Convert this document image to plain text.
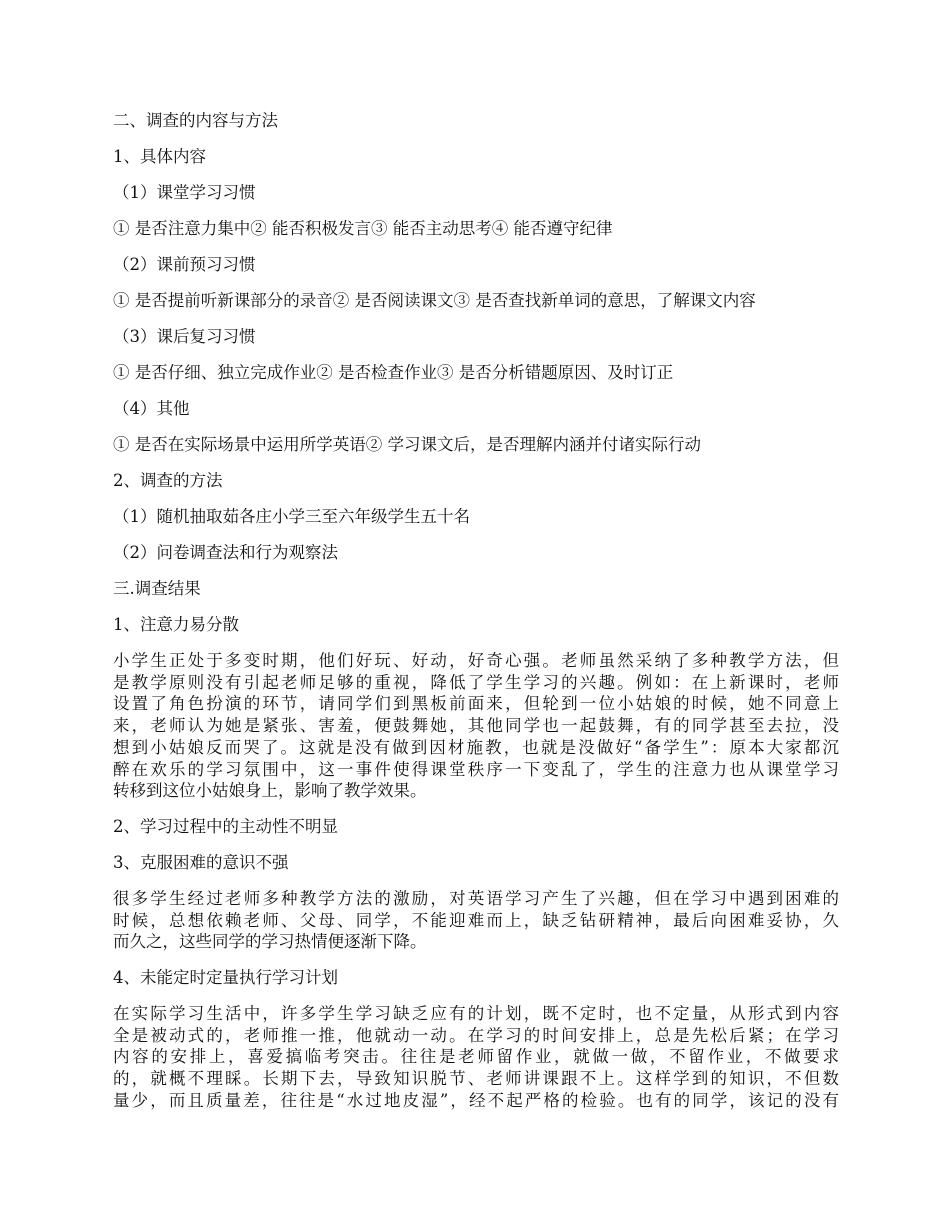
二、调查的内容与方法
1、具体内容
（1）课堂学习习惯
① 是否注意力集中② 能否积极发言③ 能否主动思考④ 能否遵守纪律
（2）课前预习习惯
① 是否提前听新课部分的录音② 是否阅读课文③ 是否查找新单词的意思，了解课文内容
（3）课后复习习惯
① 是否仔细、独立完成作业② 是否检查作业③ 是否分析错题原因、及时订正
（4）其他
① 是否在实际场景中运用所学英语② 学习课文后，是否理解内涵并付诸实际行动
2、调查的方法
（1）随机抽取茹各庄小学三至六年级学生五十名
（2）问卷调查法和行为观察法
三.调查结果
1、注意力易分散
小学生正处于多变时期，他们好玩、好动，好奇心强。老师虽然采纳了多种教学方法，但
是教学原则没有引起老师足够的重视，降低了学生学习的兴趣。例如：在上新课时，老师
设置了角色扮演的环节，请同学们到黑板前面来，但轮到一位小姑娘的时候，她不同意上
来，老师认为她是紧张、害羞，便鼓舞她，其他同学也一起鼓舞，有的同学甚至去拉，没
想到小姑娘反而哭了。这就是没有做到因材施教，也就是没做好“备学生”：原本大家都沉
醉在欢乐的学习氛围中，这一事件使得课堂秩序一下变乱了，学生的注意力也从课堂学习
转移到这位小姑娘身上，影响了教学效果。
2、学习过程中的主动性不明显
3、克服困难的意识不强
很多学生经过老师多种教学方法的激励，对英语学习产生了兴趣，但在学习中遇到困难的
时候，总想依赖老师、父母、同学，不能迎难而上，缺乏钻研精神，最后向困难妥协，久
而久之，这些同学的学习热情便逐渐下降。
4、未能定时定量执行学习计划
在实际学习生活中，许多学生学习缺乏应有的计划，既不定时，也不定量，从形式到内容
全是被动式的，老师推一推，他就动一动。在学习的时间安排上，总是先松后紧；在学习
内容的安排上，喜爱搞临考突击。往往是老师留作业，就做一做，不留作业，不做要求
的，就概不理睬。长期下去，导致知识脱节、老师讲课跟不上。这样学到的知识，不但数
量少，而且质量差，往往是“水过地皮湿”，经不起严格的检验。也有的同学，该记的没有
